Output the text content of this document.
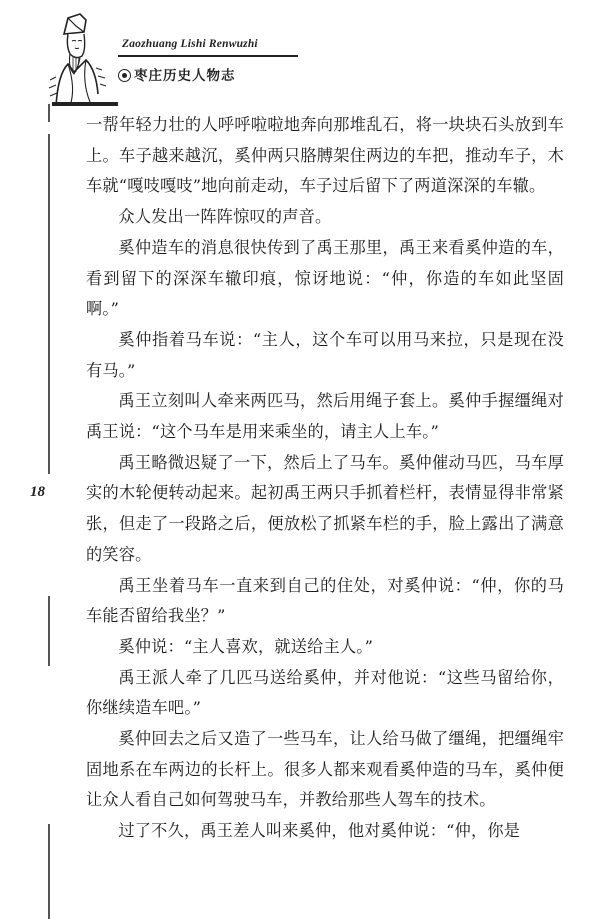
Zaozhuang Lishi Renwuzhi
枣庄历史人物志
18

一帮年轻力壮的人呼呼啦啦地奔向那堆乱石，将一块块石头放到车上。车子越来越沉，奚仲两只胳膊架住两边的车把，推动车子，木车就“嘎吱嘎吱”地向前走动，车子过后留下了两道深深的车辙。

众人发出一阵阵惊叹的声音。

奚仲造车的消息很快传到了禹王那里，禹王来看奚仲造的车，看到留下的深深车辙印痕，惊讶地说：“仲，你造的车如此坚固啊。”

奚仲指着马车说：“主人，这个车可以用马来拉，只是现在没有马。”

禹王立刻叫人牵来两匹马，然后用绳子套上。奚仲手握缰绳对禹王说：“这个马车是用来乘坐的，请主人上车。”

禹王略微迟疑了一下，然后上了马车。奚仲催动马匹，马车厚实的木轮便转动起来。起初禹王两只手抓着栏杆，表情显得非常紧张，但走了一段路之后，便放松了抓紧车栏的手，脸上露出了满意的笑容。

禹王坐着马车一直来到自己的住处，对奚仲说：“仲，你的马车能否留给我坐？”

奚仲说：“主人喜欢，就送给主人。”

禹王派人牵了几匹马送给奚仲，并对他说：“这些马留给你，你继续造车吧。”

奚仲回去之后又造了一些马车，让人给马做了缰绳，把缰绳牢固地系在车两边的长杆上。很多人都来观看奚仲造的马车，奚仲便让众人看自己如何驾驶马车，并教给那些人驾车的技术。

过了不久，禹王差人叫来奚仲，他对奚仲说：“仲，你是
